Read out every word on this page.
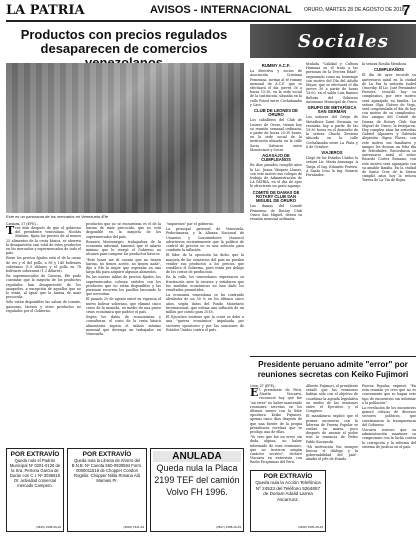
LA PATRIA	AVISOS - INTERNACIONAL ORURO, MARTES 28 DE AGOSTO DE 2018
7
Productos con precios regulados
desaparecen de comercios
Este es un panorama de los mercados en Venezuela /Efe
Caracas, 27 (EFE).-

Tres días después de que el gobierno del presidente venezolano, Nicolás Maduro, fijara los precios de al menos 25 alimentos de la cesta básica, se observa la desaparición casi total de estos productos en los mercados y supermercados de todo el país.

Entre los precios fijados está el de la carne de res y el del pollo, a 96 y 140 bolívares soberanos (1,5 dólares y el pollo en 78 bolívares soberanos (1,3 dólares).

En supermercados de Caracas, Efe pudo constatar que la mayoría de los productos regulados han desaparecido de los anaqueles, a excepción de aquellos que no lo están, al igual que la harina de maíz precocida.

Sólo están disponibles las salsas de tomate, gaseosas, lácteos y otros productos no regulados por el Gobierno.

productos que no se encuentran es el de la harina de maíz precocida, que no está disponible en la mayoría de los supermercados del país.

Rosaura Montenegro, trabajadora de la economía informal, lamentó que el salario mínimo que le otorgó el Gobierno no alcanza para comprar los productos básicos.

"Este lunes me di cuenta que no tienen harina, no tienen aceite, no tienen nada", dijo a Efe la mujer que esperaba en una larga fila para adquirir algunos alimentos.

En las nuevas tablas de precios fijados, los supermercados colocan carteles con los productos que no están disponibles y las personas recorren los pasillos buscando lo que necesitan.

El pasado 20 de agosto entró en vigencia el nuevo bolívar soberano, que eliminó cinco ceros de la moneda, en medio de una grave crisis económica que padece el país.

Según los datos de economistas y consultoras, el costo de la cesta básica alimentaria supera el salario mínimo mensual que devenga un trabajador en Venezuela.

"impuestos" por el gobierno.

La principal patronal de Venezuela, Fedecámaras, y la Alianza Nacional de Usuarios y Consumidores (Anauco) advirtieron recientemente que la política de control de precios no es una solución para combatir la inflación.

El líder de la oposición ha dicho que la mayoría de los comercios del país no pueden vender sus productos a los precios que establece el Gobierno, pues están por debajo de los costos de producción.

En la calle, los venezolanos expresaron su frustración ante la escasez y señalaron que las medidas económicas no han dado los resultados prometidos.

La economía venezolana se ha contraído alrededor de un 50 % en los últimos cinco años, según datos del Fondo Monetario Internacional, que estima una inflación de un millón por ciento para 2018.

El Ejecutivo sostiene que la crisis se debe a una "guerra económica" impulsada por sectores opositores y por las sanciones de Estados Unidos contra el país.

Sociales
RUMMY A.C.F.

La directiva y socias de Asociación Cristiana Femenina, invitan al té rummy mensual de A.C.F. que se efectuará el día jueves 30 a horas 15:30, en la sede social de la institución, ubicada en la calle Potosí entre Cochabamba y Caro.

CLUB DE LEONES DE ORURO

Los caballeros del Club de Leones de Oruro, tienen hoy su reunión semanal ordinaria, a partir de horas 20:30 horas, en la sede social de la institución ubicada en la calle Soria Galvarro entre Montecinos y Sucre.

AGASAJO DE CUMPLEAÑOS

En días pasados cumplió años la Lic. Juana Vásquez Llanos, con este motivo sus colegas de trabajo de Administración de LA PATRIA, en el día de ayer le ofrecieron un grato agasajo.

COMITÉ DE DAMAS DE ROTARY CLUB SAN MIGUEL DE ORURO

Las damas del Comité Femenino de Rotary Club Oruro San Miguel, tienen su reunión mensual ordinaria.

titulada "Calidad y Cultura Humana en el trato a las personas de la Tercera Edad", organizado como un homenaje con motivo del Día del Adulto Mayor, que se efectuará el día jueves 30 a partir de horas 19:00, en el salón Luis Ramiro Beltrán del Gobierno Autónomo Municipal de Oruro.

GRUPO DE METAFÍSICA SAN GERMÁN

Los señores del Grupo de Metafísica Saint Germain, se reunirán hoy a partir de las 19:30 horas en el domicilio de la señora Chachi Zenteno ubicado en la calle Cochabamba entre La Plata y 6 de Octubre.

VIAJEROS

Llegó de los Estados Unidos la señora Lic. María Arauzaga. A Tarija el Ing. Eduardo Pereira. A Santa Cruz la Ing. Rosario Fernández.

la señora Rosilia Mendoza.

CUMPLEAÑOS

El día de ayer recordó su aniversario natal en la ciudad de La Paz la señorita Isabel Ossoviky. El Lic. José Fernández Fuentes, recordó hoy su cumpleaños, por este motivo será agasajado en familia. La señora Olga Chávez de Vega, será congratulada el día de hoy con motivo de su cumpleaños. Sus amigas del Comité de Damas de Rotary Club San Miguel de Oruro, la festejaron. Hoy cumplen años las señoritas Gabriel Alpizares y Gabriela Alejandra Gignu Flores, con este motivo sus familiares y amigos les desean un feliz día de felicidades. Recordaron su aniversario natal el señor Ricardo Cortez Romano, con este motivo será agasajado con su amable familia. En la ciudad de Santa Cruz de la Sierra cumplió años hoy la señora Teresa de La Vía de Rojas.

Presidente peruano admite "error" por
reuniones secretas con Keiko Fujimori
Lima, 27 (EFE).-

El presidente de Perú, Martín Vizcarra, reconoció hoy que fue "un error" no haber mantenido reuniones secretas en los últimos meses con la líder opositora Keiko Fujimori, apenas cinco días después de que una fuente de la propia presidencia revelara que se produjo una de ellas.

"Yo creo que fue un error, sin duda alguna, no haber informado de esas reuniones, que no tuvieron ningún carácter secreto", declaró Vizcarra en entrevista con Radio Programas del Perú.

Alberto Fujimori, el presidente señaló que las reuniones habían sido con el objetivo de coordinar la agenda legislativa en medio de las tensiones entre el Ejecutivo y el Congreso.

El mandatario explicó que el primer encuentro con la lideresa de Fuerza Popular se realizó en marzo, poco después de asumir el poder tras la renuncia de Pedro Pablo Kuczynski.

"Mi motivación fue siempre buscar el diálogo y la gobernabilidad del país", añadió el jefe de Estado.

Fuerza Popular, expresó: "En esta reunión yo creo que no es conveniente que se hagan este tipo de encuentros sin informar a la población".

La revelación de los encuentros generó críticas de diversos sectores políticos, que cuestionaron la transparencia del Gobierno.

Vizcarra sostuvo que su administración mantiene su compromiso con la lucha contra la corrupción y la reforma del sistema de justicia en el país.

POR EXTRAVÍO
Queda nulo el Padrón Municipal Nº 0201-0126 de la Sra. Petrona García de Durán con C.I. Nº 3036616 Or. actividad comercial mercado Campero.
(3815) 1508-29-29
POR EXTRAVÍO
Queda nula la Libreta de Ahorro del B.N.B. Nº Cuenta 550-0939594 Form. 0000011516 de Chopper Condori Rogelio. Chopper Nilda Rosana Alá Mamani Pr.
(3816) 1541-29
ANULADA
Queda nula la Placa 2199 TEF del camión Volvo FH 1996.
(3817) 1508-29-29
POR EXTRAVÍO
Queda nula la Acción Telefónica Nº 24523 del Teléfono 5264857 de Doriam Adalid Larrea Ascarrunz.
(3818) 1505-29-29
